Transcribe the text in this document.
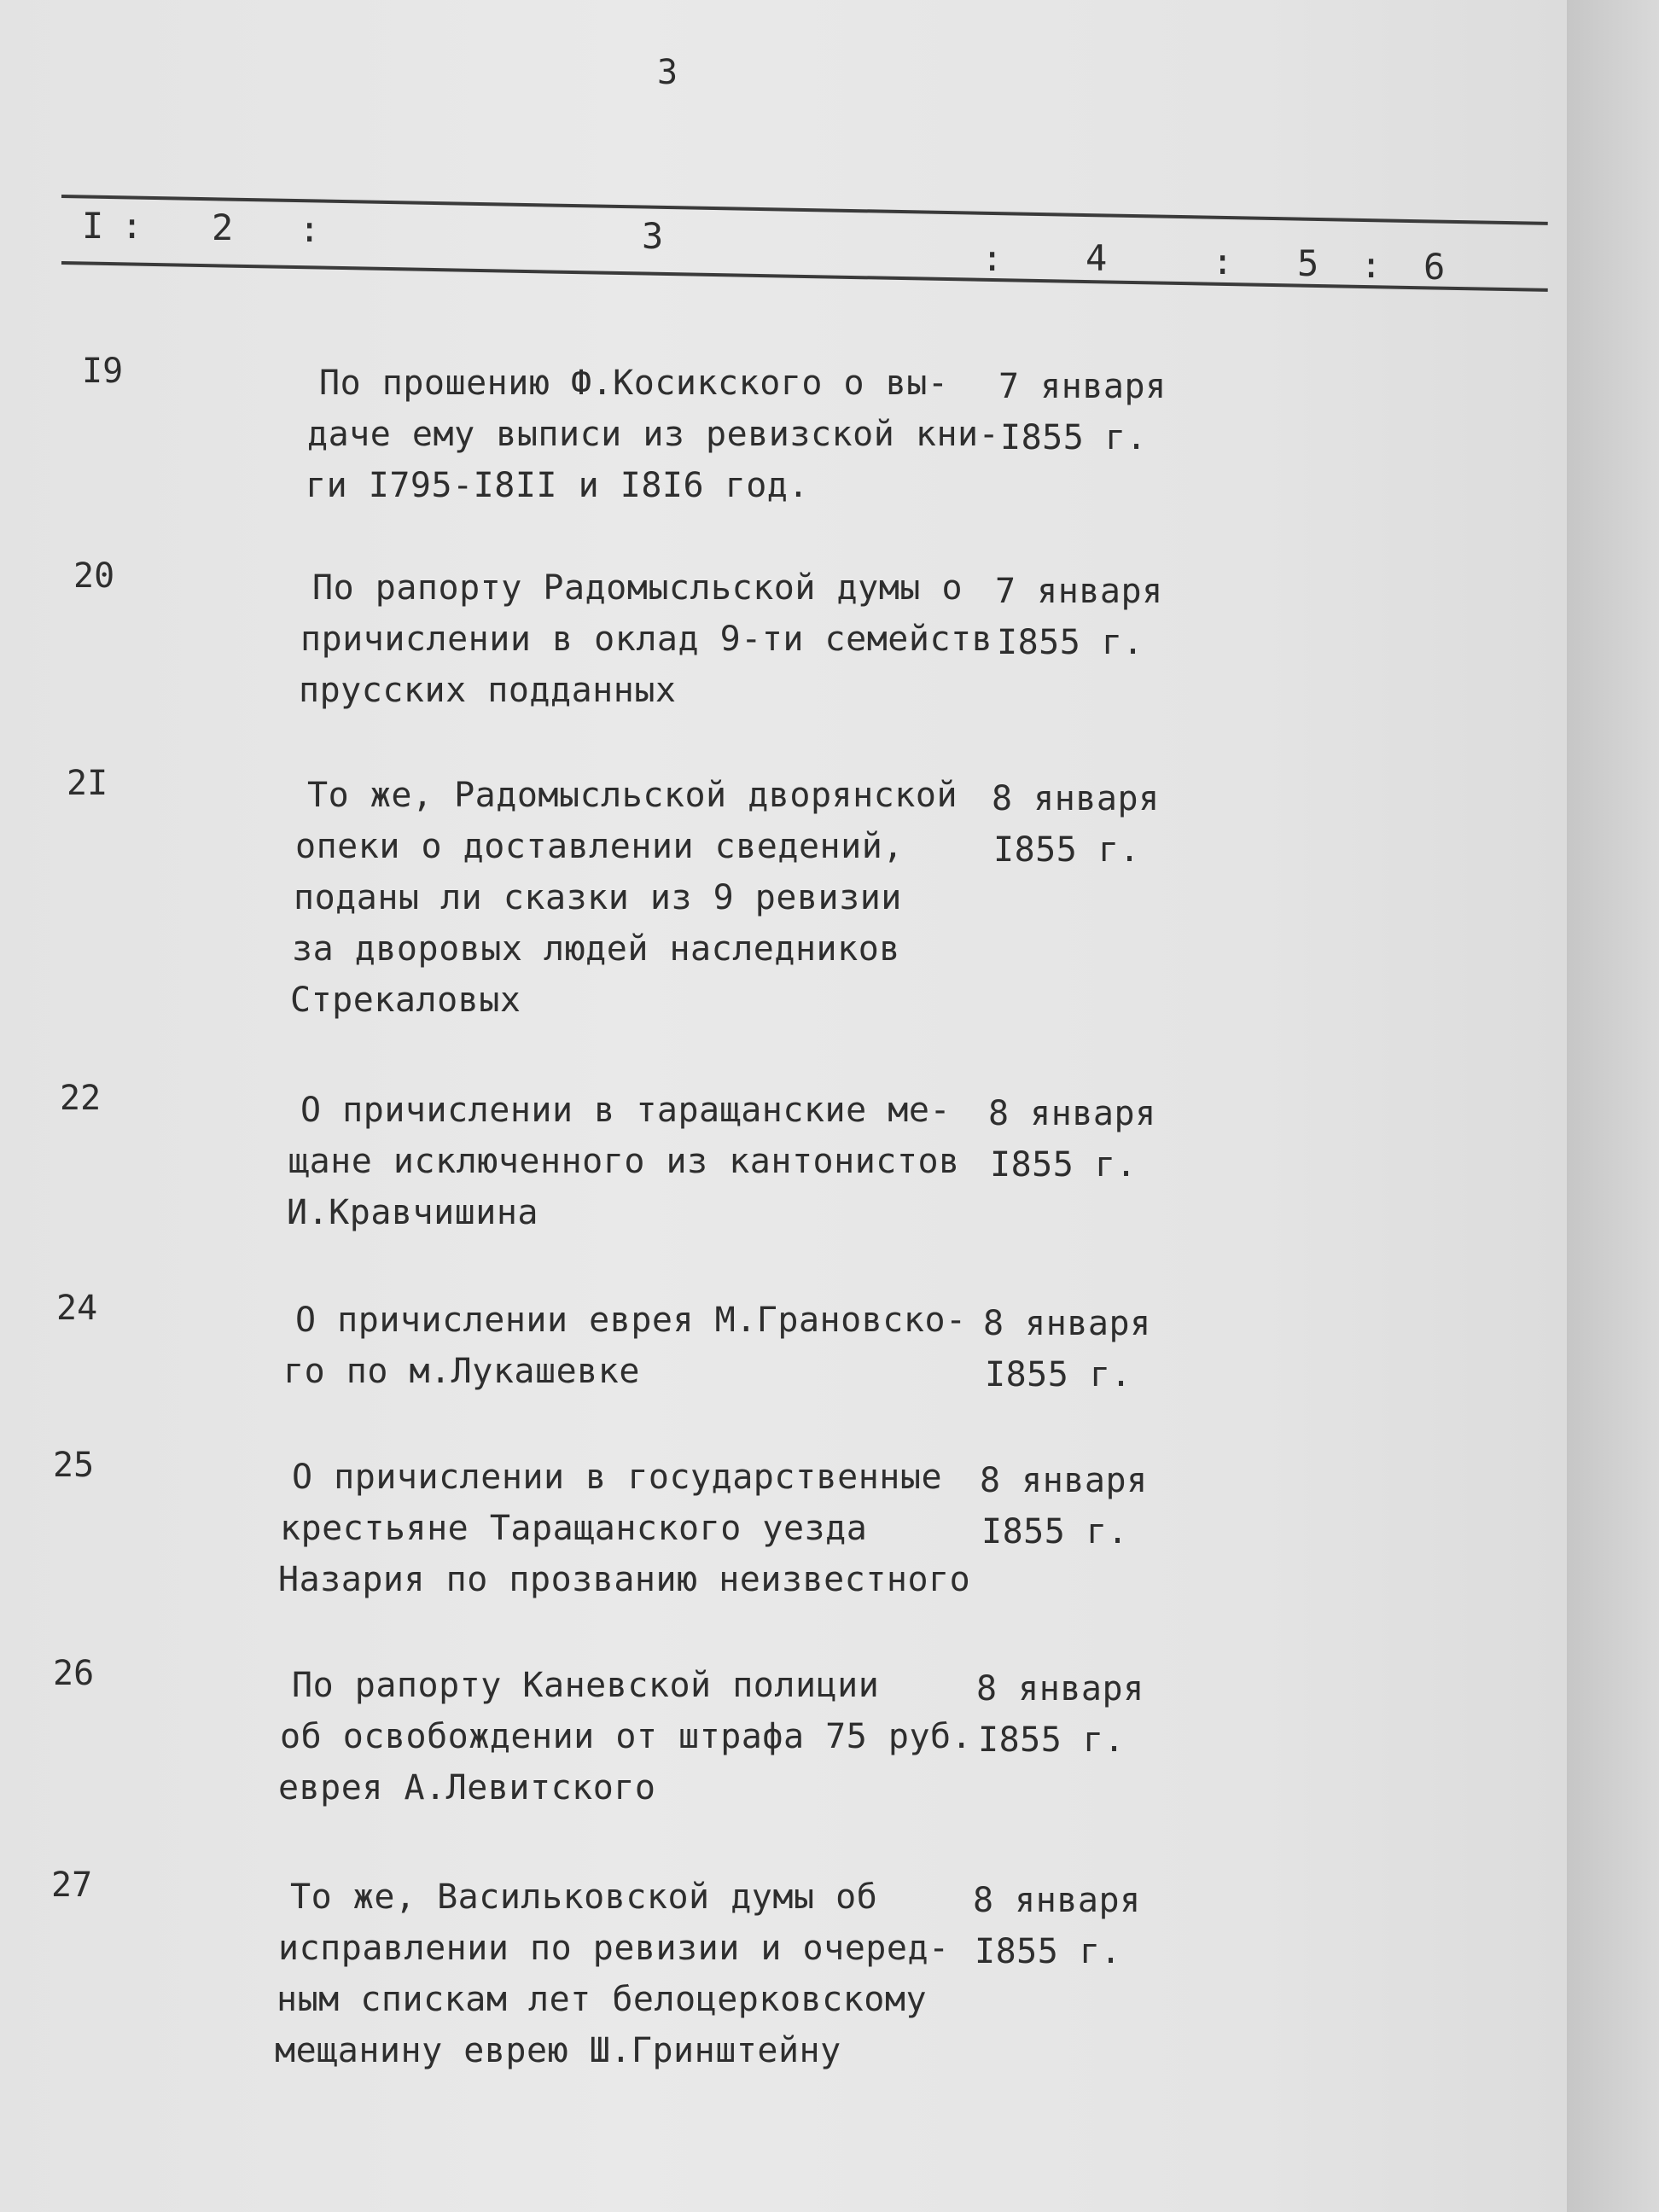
3
I : 2 :	3
: 4	: 5 : 6
I9	По прошению Ф.Косикского о вы-
даче ему выписи из ревизской кни-
ги I795-I8II и I8I6 год.
7 января
I855 г.
20	По рапорту Радомысльской думы о
причислении в оклад 9-ти семейств
прусских подданных
7 января
I855 г.
2I	То же, Радомысльской дворянской
опеки о доставлении сведений,
поданы ли сказки из 9 ревизии
за дворовых людей наследников
Стрекаловых
8 января
I855 г.
22	О причислении в таращанские ме-
щане исключенного из кантонистов
И.Кравчишина
8 января
I855 г.
24	О причислении еврея М.Грановско-
го по м.Лукашевке
8 января
I855 г.
25	О причислении в государственные
крестьяне Таращанского уезда
Назария по прозванию неизвестного
8 января
I855 г.
26	По рапорту Каневской полиции
об освобождении от штрафа 75 руб.
еврея А.Левитского
8 января
I855 г.
27	То же, Васильковской думы об
исправлении по ревизии и очеред-
ным спискам лет белоцерковскому
мещанину еврею Ш.Гринштейну
8 января
I855 г.
